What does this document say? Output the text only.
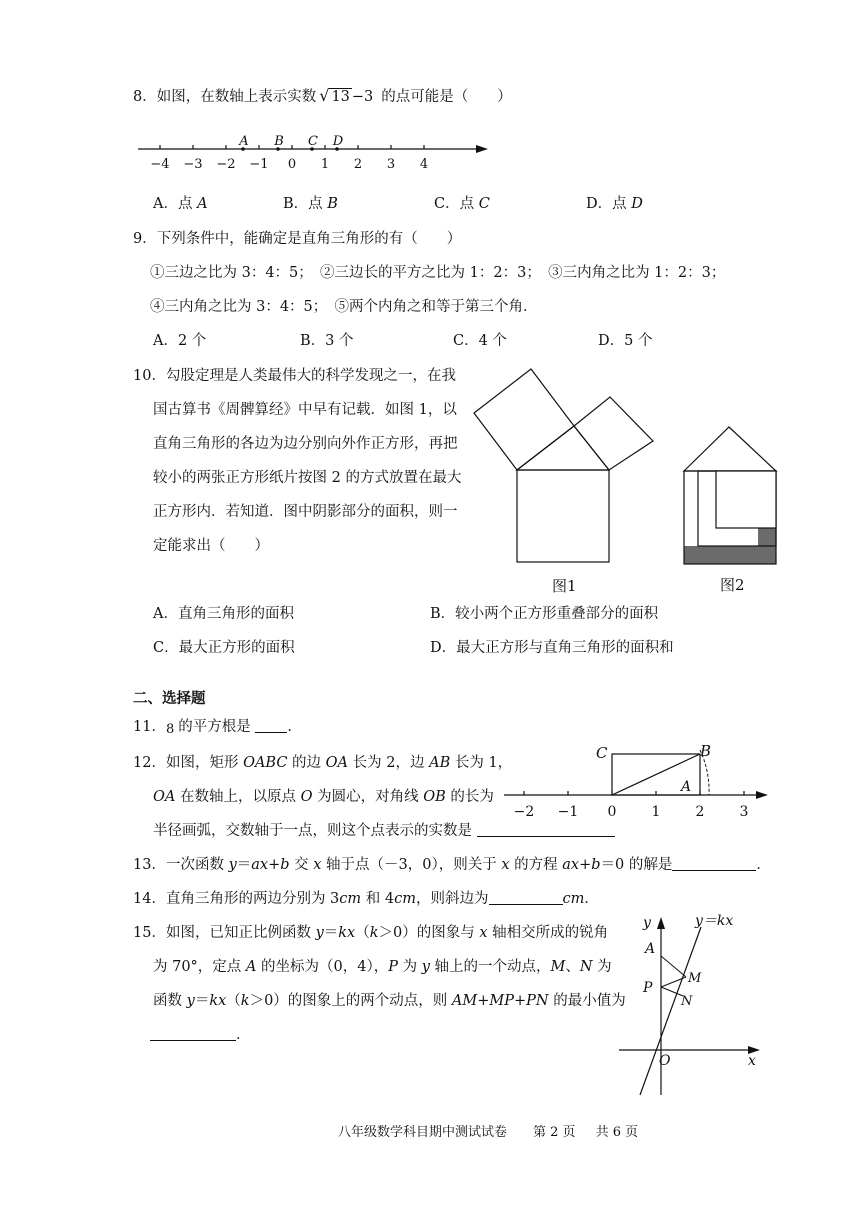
8．如图，在数轴上表示实数 √ 13 −3 的点可能是（　　）
−4 −3 −2 −1 0 1 2 3 4
A B C D
A．点 A	B．点 B	C．点 C	D．点 D
9．下列条件中，能确定是直角三角形的有（　　）
①三边之比为 3：4：5；　②三边长的平方之比为 1：2：3；　③三内角之比为 1：2：3；
④三内角之比为 3：4：5；　⑤两个内角之和等于第三个角．
A．2 个	B．3 个	C．4 个	D．5 个
10．勾股定理是人类最伟大的科学发现之一，在我
国古算书《周髀算经》中早有记载．如图 1，以
直角三角形的各边为边分别向外作正方形，再把
较小的两张正方形纸片按图 2 的方式放置在最大
正方形内．若知道．图中阴影部分的面积，则一
定能求出（　　）
图1	图2
A．直角三角形的面积	B．较小两个正方形重叠部分的面积
C．最大正方形的面积	D．最大正方形与直角三角形的面积和
二、选择题
11．8 的平方根是	．
12．如图，矩形 OABC 的边 OA 长为 2，边 AB 长为 1，
OA 在数轴上，以原点 O 为圆心，对角线 OB 的长为
半径画弧，交数轴于一点，则这个点表示的实数是
−2 −1 0	1	2	3
C	B
A
13．一次函数 y＝ax+b 交 x 轴于点（－3，0），则关于 x 的方程 ax+b＝0 的解是	．
14．直角三角形的两边分别为 3cm 和 4cm，则斜边为	cm．
15．如图，已知正比例函数 y＝kx（k＞0）的图象与 x 轴相交所成的锐角
为 70°，定点 A 的坐标为（0，4），P 为 y 轴上的一个动点，M、N 为
函数 y＝kx（k＞0）的图象上的两个动点，则 AM+MP+PN 的最小值为
．
y	y＝kx
x
A
P
M
N
O
八年级数学科目期中测试试卷 第 2 页 共 6 页
